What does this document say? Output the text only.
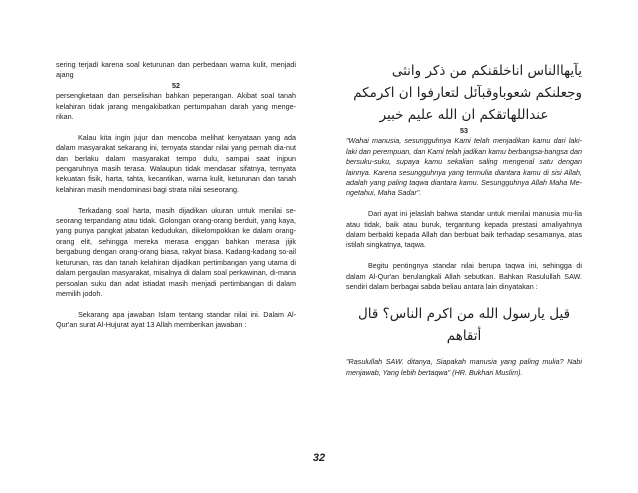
sering terjadi karena soal keturunan dan perbedaan warna kulit, menjadi ajang

52

persengketaan dan perselisihan bahkan peperangan. Akibat soal tanah kelahiran tidak jarang mengakibatkan pertumpahan darah yang menge-rikan.

Kalau kita ingin jujur dan mencoba melihat kenyataan yang ada dalam masyarakat sekarang ini, ternyata standar nilai yang pernah dia-nut dan berlaku dalam masyarakat tempo dulu, sampai saat injpun pengaruhnya masih terasa. Walaupun tidak mendasar sifatnya, ternyata kekuatan fisik, harta, tahta, kecantikan, warna kulit, keturunan dan tanah kelahiran masih mendominasi bagi strata nilai seseorang.

Terkadang soal harta, masih dijadikan ukuran untuk menilai se-seorang terpandang atau tidak. Golongan orang-orang berduit, yang kaya, yang punya pangkat jabatan kedudukan, dikelompokkan ke dalam orang-orang elit, sehingga mereka merasa enggan bahkan merasa jijik bergabung dengan orang-orang biasa, rakyat biasa. Kadang-kadang so-ail keturunan, ras dan tanah kelahiran dijadikan pertimbangan yang utama di dalam pergaulan masyarakat, misalnya di dalam soal perkawinan, di-mana persoalan suku dan adat istiadat masih menjadi pertimbangan di dalam memilih jodoh.

Sekarang apa jawaban Islam tentang standar nilai ini. Dalam Al-Qur'an surat Al-Hujurat ayat 13 Allah memberikan jawaban :

يآيهاالناس اناخلقنكم من ذكر وانثى

وجعلنكم شعوباوقبآئل لتعارفوا ان اكرمكم

عنداللهاتقكم ان الله عليم خبير

53

"Wahai manusia, sesungguhnya Kami telah menjadikan kamu dari laki-laki dan perempuan, dan Kami telah jadikan kamu berbangsa-bangsa dan bersuku-suku, supaya kamu sekalian saling mengenal satu dengan lainnya. Karena sesungguhnya yang termulia diantara kamu di sisi Allah, adalah yang paling taqwa diantara kamu. Sesungguhnya Allah Maha Me-ngetahui, Maha Sadar".

Dari ayat ini jelaslah bahwa standar untuk menilai manusia mu-lia atau tidak, baik atau buruk, tergantung kepada prestasi amaliyahnya dalam berbakti kepada Allah dan berbuat baik terhadap sesamanya, atas istilah singkatnya, taqwa.

Begitu pentingnya standar nilai berupa taqwa ini, sehingga di dalam Al-Qur'an berulangkali Allah sebutkan. Bahkan Rasulullah SAW. sendiri dalam berbagai sabda beliau antara lain dinyatakan :

قيل يارسول الله من اكرم الناس؟ قال أتقاهم

"Rasulullah SAW. ditanya, Siapakah manusia yang paling mulia? Nabi menjawab, Yang lebih bertaqwa" (HR. Bukhari Muslim).

32
